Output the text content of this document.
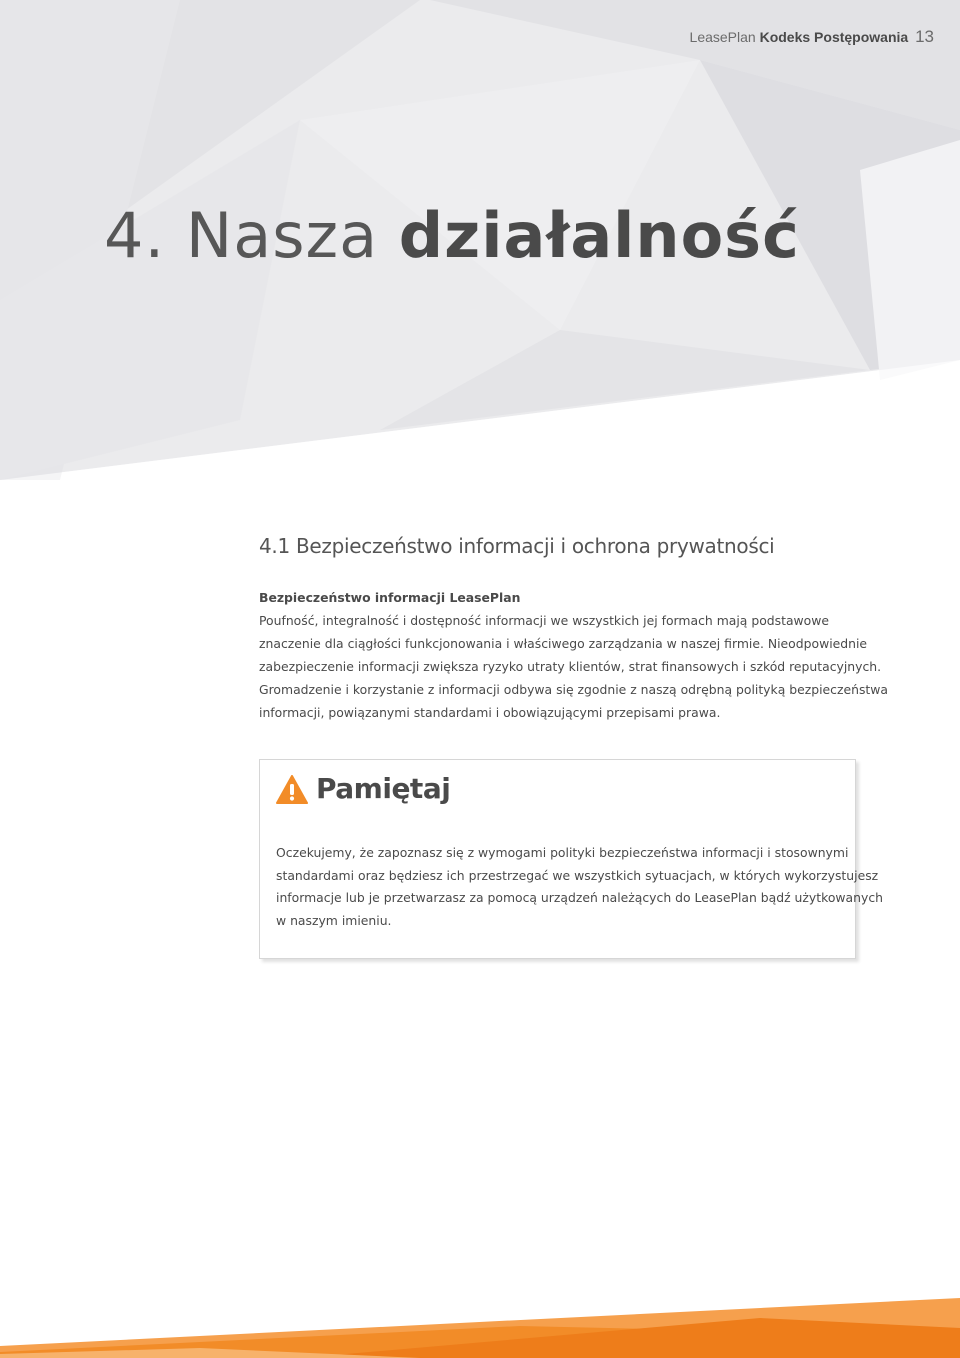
LeasePlan Kodeks Postępowania 13
4. Nasza działalność
4.1 Bezpieczeństwo informacji i ochrona prywatności
Bezpieczeństwo informacji LeasePlan
Poufność, integralność i dostępność informacji we wszystkich jej formach mają podstawowe
znaczenie dla ciągłości funkcjonowania i właściwego zarządzania w naszej firmie. Nieodpowiednie
zabezpieczenie informacji zwiększa ryzyko utraty klientów, strat finansowych i szkód reputacyjnych.
Gromadzenie i korzystanie z informacji odbywa się zgodnie z naszą odrębną polityką bezpieczeństwa
informacji, powiązanymi standardami i obowiązującymi przepisami prawa.
Pamiętaj
Oczekujemy, że zapoznasz się z wymogami polityki bezpieczeństwa informacji i stosownymi
standardami oraz będziesz ich przestrzegać we wszystkich sytuacjach, w których wykorzystujesz
informacje lub je przetwarzasz za pomocą urządzeń należących do LeasePlan bądź użytkowanych
w naszym imieniu.
